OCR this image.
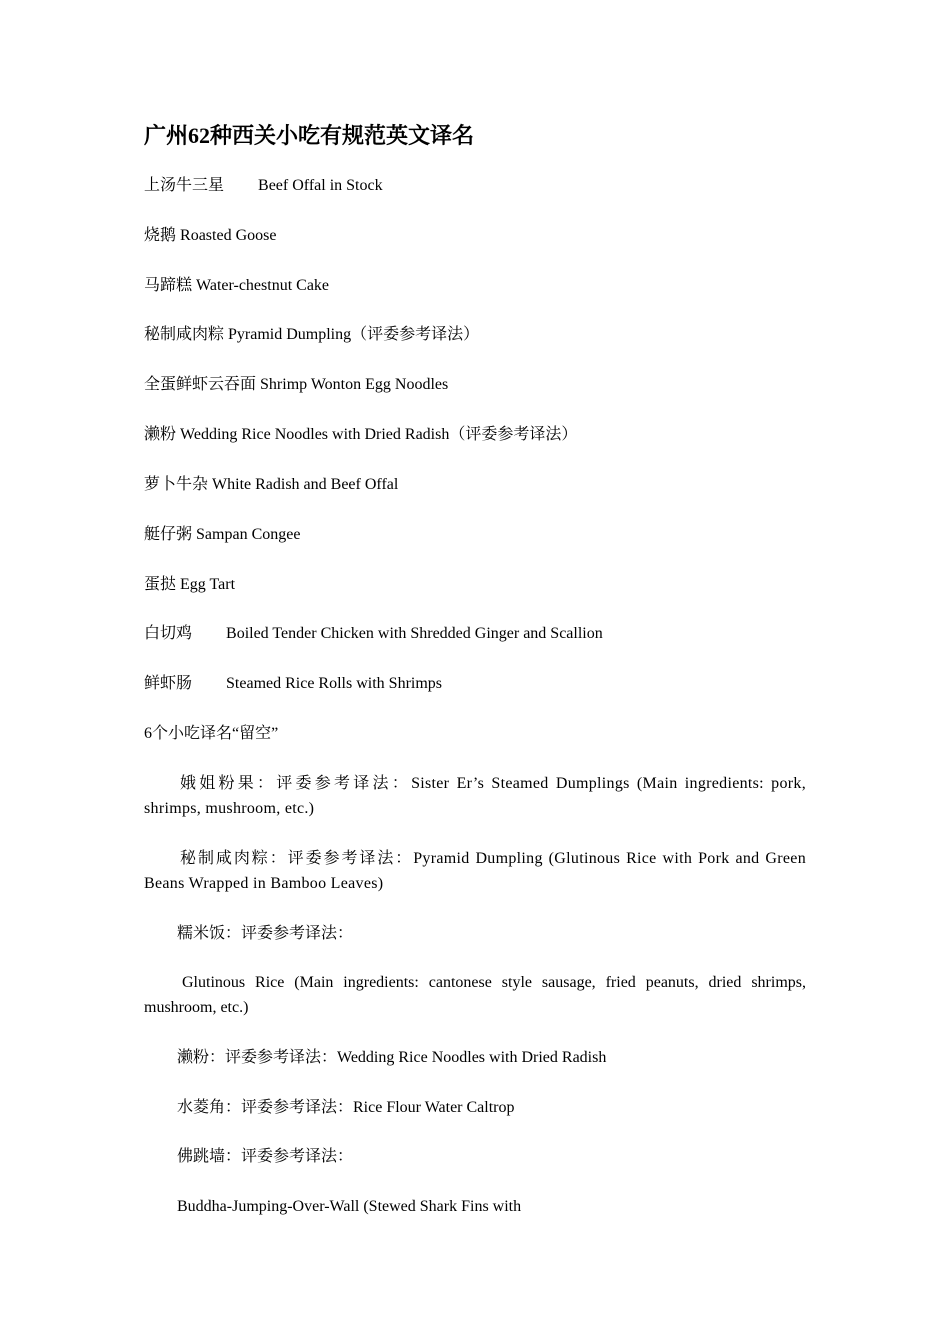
广州62种西关小吃有规范英文译名

上汤牛三星 Beef Offal in Stock

烧鹅 Roasted Goose

马蹄糕 Water-chestnut Cake

秘制咸肉粽 Pyramid Dumpling（评委参考译法）

全蛋鲜虾云吞面 Shrimp Wonton Egg Noodles

濑粉 Wedding Rice Noodles with Dried Radish（评委参考译法）

萝卜牛杂 White Radish and Beef Offal

艇仔粥 Sampan Congee

蛋挞 Egg Tart

白切鸡 Boiled Tender Chicken with Shredded Ginger and Scallion

鲜虾肠 Steamed Rice Rolls with Shrimps

6个小吃译名“留空”

娥姐粉果：评委参考译法：Sister Er’s Steamed Dumplings (Main ingredients: pork, shrimps, mushroom, etc.)

秘制咸肉粽：评委参考译法：Pyramid Dumpling (Glutinous Rice with Pork and Green Beans Wrapped in Bamboo Leaves)

糯米饭：评委参考译法：

Glutinous Rice (Main ingredients: cantonese style sausage, fried peanuts, dried shrimps, mushroom, etc.)

濑粉：评委参考译法：Wedding Rice Noodles with Dried Radish

水菱角：评委参考译法：Rice Flour Water Caltrop

佛跳墙：评委参考译法：

Buddha-Jumping-Over-Wall (Stewed Shark Fins with
